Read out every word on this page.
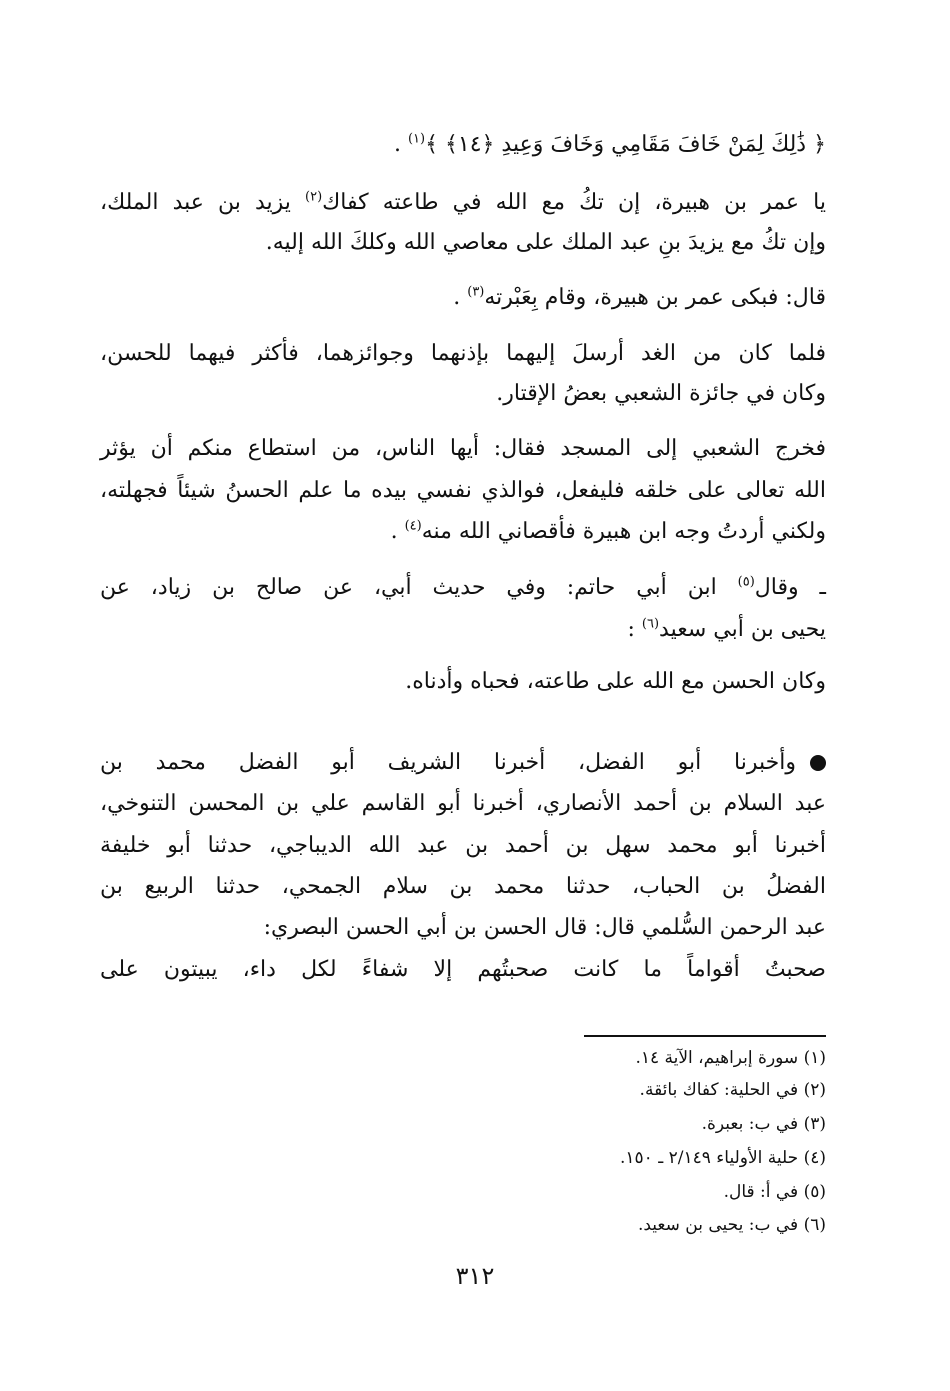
﴿ ذَٰلِكَ لِمَنْ خَافَ مَقَامِي وَخَافَ وَعِيدِ ﴿١٤﴾ ﴾$^{(١)}$ .
يا عمر بن هبيرة، إن تكُ مع الله في طاعته كفاك$^{(٢)}$ يزيد بن عبد الملك،
وإن تكُ مع يزيدَ بنِ عبد الملك على معاصي الله وكلكَ الله إليه.
قال: فبكى عمر بن هبيرة، وقام بِعَبْرته$^{(٣)}$ .
فلما كان من الغد أرسلَ إليهما بإذنهما وجوائزهما، فأكثر فيهما للحسن،
وكان في جائزة الشعبي بعضُ الإقتار.
فخرج الشعبي إلى المسجد فقال: أيها الناس، من استطاع منكم أن يؤثر
الله تعالى على خلقه فليفعل، فوالذي نفسي بيده ما علم الحسنُ شيئاً فجهلته،
ولكني أردتُ وجه ابن هبيرة فأقصاني الله منه$^{(٤)}$ .
ـ وقال$^{(٥)}$ ابن أبي حاتم: وفي حديث أبي، عن صالح بن زياد، عن
يحيى بن أبي سعيد$^{(٦)}$ :
وكان الحسن مع الله على طاعته، فحباه وأدناه.
وأخبرنا أبو الفضل، أخبرنا الشريف أبو الفضل محمد بن
عبد السلام بن أحمد الأنصاري، أخبرنا أبو القاسم علي بن المحسن التنوخي،
أخبرنا أبو محمد سهل بن أحمد بن عبد الله الديباجي، حدثنا أبو خليفة
الفضلُ بن الحباب، حدثنا محمد بن سلام الجمحي، حدثنا الربيع بن
عبد الرحمن السُّلمي قال: قال الحسن بن أبي الحسن البصري:
صحبتُ أقواماً ما كانت صحبتُهم إلا شفاءً لكل داء، يبيتون على
(١) سورة إبراهيم، الآية ١٤.
(٢) في الحلية: كفاك بائقة.
(٣) في ب: بعبرة.
(٤) حلية الأولياء ٢/١٤٩ ـ ١٥٠.
(٥) في أ: قال.
(٦) في ب: يحيى بن سعيد.
٣١٢
